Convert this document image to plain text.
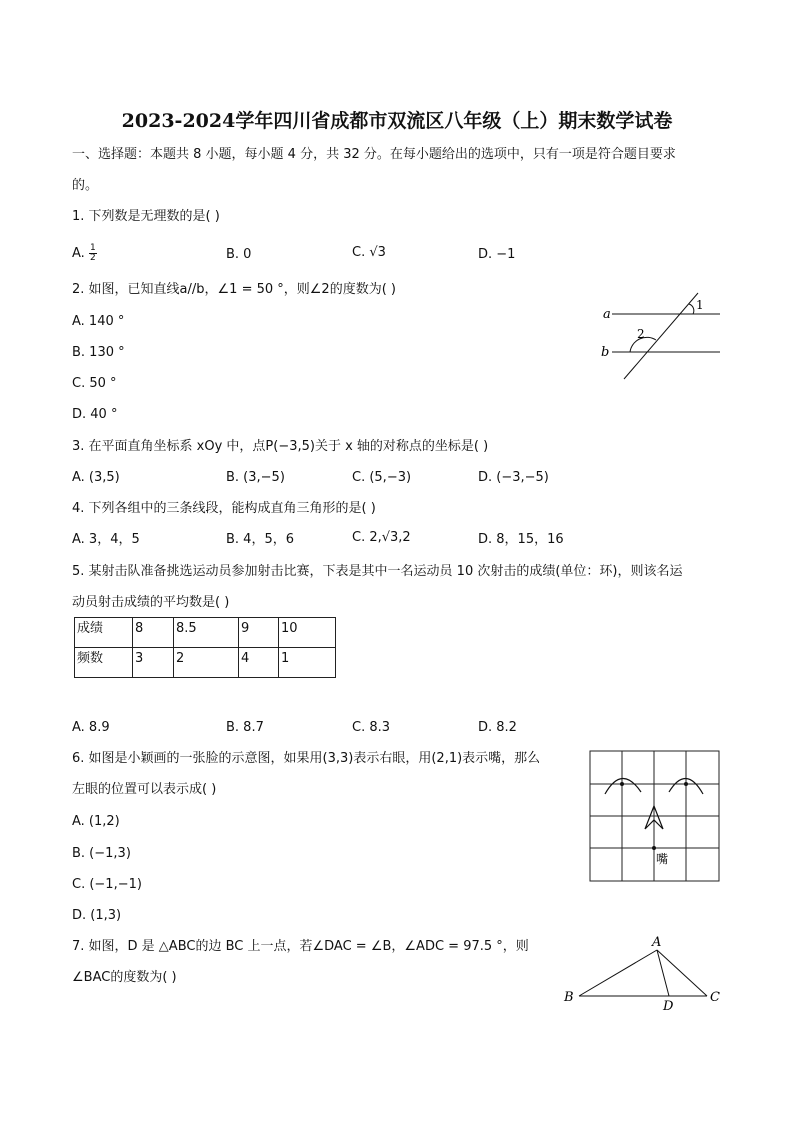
2023-2024学年四川省成都市双流区八年级（上）期末数学试卷
一、选择题：本题共 8 小题，每小题 4 分，共 32 分。在每小题给出的选项中，只有一项是符合题目要求
的。
1. 下列数是无理数的是( )
A. $\frac{1}{2}$	B. 0	C. √3	D. −1
2. 如图，已知直线a//b，∠1 = 50 °，则∠2的度数为( )
A. 140 °
B. 130 °
C. 50 °
D. 40 °
a
b
1
2
3. 在平面直角坐标系 xOy 中，点P(−3,5)关于 x 轴的对称点的坐标是( )
A. (3,5)	B. (3,−5)	C. (5,−3)	D. (−3,−5)
4. 下列各组中的三条线段，能构成直角三角形的是( )
A. 3，4，5	B. 4，5，6	C. 2,√3,2	D. 8，15，16
5. 某射击队准备挑选运动员参加射击比赛，下表是其中一名运动员 10 次射击的成绩(单位：环)，则该名运
动员射击成绩的平均数是( )
成绩	8	8.5	9	10
频数	3	2	4	1
A. 8.9	B. 8.7	C. 8.3	D. 8.2
6. 如图是小颖画的一张脸的示意图，如果用(3,3)表示右眼，用(2,1)表示嘴，那么
左眼的位置可以表示成( )
A. (1,2)
B. (−1,3)
C. (−1,−1)
D. (1,3)
嘴
7. 如图，D 是 △ABC的边 BC 上一点，若∠DAC = ∠B，∠ADC = 97.5 °，则
∠BAC的度数为( )
A
B	C
D
